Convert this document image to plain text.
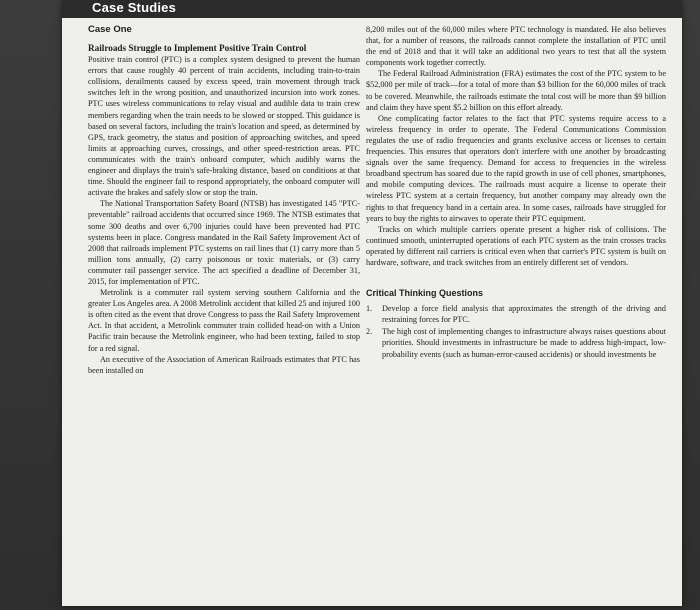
Case Studies
Case One
Railroads Struggle to Implement Positive Train Control

Positive train control (PTC) is a complex system designed to prevent the human errors that cause roughly 40 percent of train accidents, including train-to-train collisions, derailments caused by excess speed, train movement through track switches left in the wrong position, and unauthorized incursion into work zones. PTC uses wireless communications to relay visual and audible data to train crew members regarding when the train needs to be slowed or stopped. This guidance is based on several factors, including the train's location and speed, as determined by GPS, track geometry, the status and position of approaching switches, and speed limits at approaching curves, crossings, and other speed-restriction areas. PTC communicates with the train's onboard computer, which audibly warns the engineer and displays the train's safe-braking distance, based on conditions at that time. Should the engineer fail to respond appropriately, the onboard computer will activate the brakes and safely slow or stop the train.

The National Transportation Safety Board (NTSB) has investigated 145 "PTC-preventable" railroad accidents that occurred since 1969. The NTSB estimates that some 300 deaths and over 6,700 injuries could have been prevented had PTC systems been in place. Congress mandated in the Rail Safety Improvement Act of 2008 that railroads implement PTC systems on rail lines that (1) carry more than 5 million tons annually, (2) carry poisonous or toxic materials, or (3) carry commuter rail passenger service. The act specified a deadline of December 31, 2015, for implementation of PTC.

Metrolink is a commuter rail system serving southern California and the greater Los Angeles area. A 2008 Metrolink accident that killed 25 and injured 100 is often cited as the event that drove Congress to pass the Rail Safety Improvement Act. In that accident, a Metrolink commuter train collided head-on with a Union Pacific train because the Metrolink engineer, who had been texting, failed to stop for a red signal.

An executive of the Association of American Railroads estimates that PTC has been installed on

8,200 miles out of the 60,000 miles where PTC technology is mandated. He also believes that, for a number of reasons, the railroads cannot complete the installation of PTC until the end of 2018 and that it will take an additional two years to test that all the system components work together correctly.

The Federal Railroad Administration (FRA) estimates the cost of the PTC system to be $52,000 per mile of track—for a total of more than $3 billion for the 60,000 miles of track to be covered. Meanwhile, the railroads estimate the total cost will be more than $9 billion and claim they have spent $5.2 billion on this effort already.

One complicating factor relates to the fact that PTC systems require access to a wireless frequency in order to operate. The Federal Communications Commission regulates the use of radio frequencies and grants exclusive access or licenses to certain frequencies. This ensures that operators don't interfere with one another by broadcasting signals over the same frequency. Demand for access to frequencies in the wireless broadband spectrum has soared due to the rapid growth in use of cell phones, smartphones, and mobile computing devices. The railroads must acquire a license to operate their wireless PTC system at a certain frequency, but another company may already own the rights to that frequency band in a certain area. In some cases, railroads have struggled for years to buy the rights to airwaves to operate their PTC equipment.

Tracks on which multiple carriers operate present a higher risk of collisions. The continued smooth, uninterrupted operations of each PTC system as the train crosses tracks operated by different rail carriers is critical even when that carrier's PTC system is built on hardware, software, and track switches from an entirely different set of vendors.

Critical Thinking Questions
1.	Develop a force field analysis that approximates the strength of the driving and restraining forces for PTC.
2.	The high cost of implementing changes to infrastructure always raises questions about priorities. Should investments in infrastructure be made to address high-impact, low-probability events (such as human-error-caused accidents) or should investments be
